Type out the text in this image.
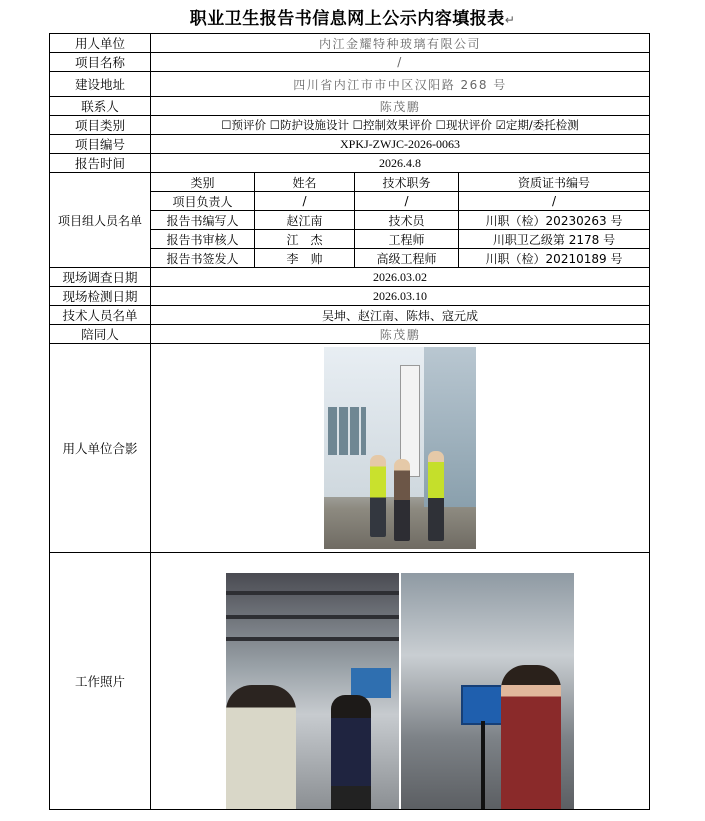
职业卫生报告书信息网上公示内容填报表↵
用人单位	内江金耀特种玻璃有限公司			
项目名称	/			
建设地址	四川省内江市市中区汉阳路 268 号			
联系人	陈茂鹏			
项目类别	☐预评价 ☐防护设施设计 ☐控制效果评价 ☐现状评价 ☑定期/委托检测			
项目编号	XPKJ-ZWJC-2026-0063			
报告时间	2026.4.8			
项目组人员名单	类别	姓名	技术职务	资质证书编号
	项目负责人	/	/	/
	报告书编写人	赵江南	技术员	川职（检）20230263 号
	报告书审核人	江　杰	工程师	川职卫乙级第 2178 号
	报告书签发人	李　帅	高级工程师	川职（检）20210189 号
现场调查日期	2026.03.02			
现场检测日期	2026.03.10			
技术人员名单	吴坤、赵江南、陈炜、寇元成			
陪同人	陈茂鹏			
用人单位合影				

工作照片				
